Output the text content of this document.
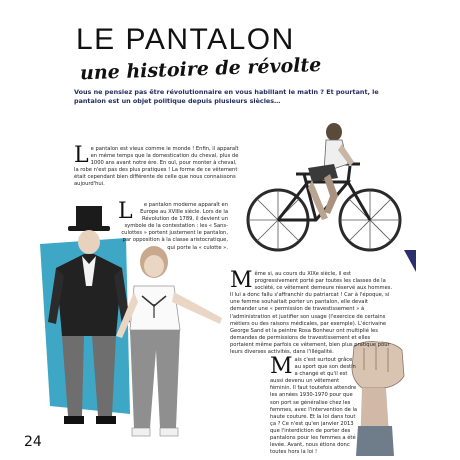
LE PANTALON
une histoire de révolte
Vous ne pensiez pas être révolutionnaire en vous habillant le matin ? Et pourtant, le pantalon est un objet politique depuis plusieurs siècles…
L e pantalon est vieux comme le monde ! Enfin, il apparaît en même temps que la domestication du cheval, plus de 1000 ans avant notre ère. En ouï, pour monter à cheval, la robe n'est pas des plus pratiques ! La forme de ce vêtement était cependant bien différente de celle que nous connaissons aujourd'hui.
L e pantalon moderne apparaît en Europe au XVIIIe siècle. Lors de la Révolution de 1789, il devient un symbole de la contestation : les « Sans-culottes » portent justement le pantalon, par opposition à la classe aristocratique, qui porte la « culotte ».
M ême si, au cours du XIXe siècle, il est progressivement porté par toutes les classes de la société, ce vêtement demeure réservé aux hommes. Il lui a donc fallu s'affranchir du patriarcat ! Car à l'époque, si une femme souhaitait porter un pantalon, elle devait demander une « permission de travestissement » à l'administration et justifier son usage (l'exercice de certains métiers ou des raisons médicales, par exemple). L'écrivaine George Sand et la peintre Rosa Bonheur ont multiplié les demandes de permissions de travestissement et elles portaient même parfois ce vêtement, bien plus pratique pour leurs diverses activités, dans l'illégalité.
M ais c'est surtout grâce au sport que son destin a changé et qu'il est aussi devenu un vêtement féminin. Il faut toutefois attendre les années 1930-1970 pour que son port se généralise chez les femmes, avec l'intervention de la haute couture. Et la loi dans tout ça ? Ce n'est qu'en janvier 2013 que l'interdiction de porter des pantalons pour les femmes a été levée. Avant, nous étions donc toutes hors la loi !
24
